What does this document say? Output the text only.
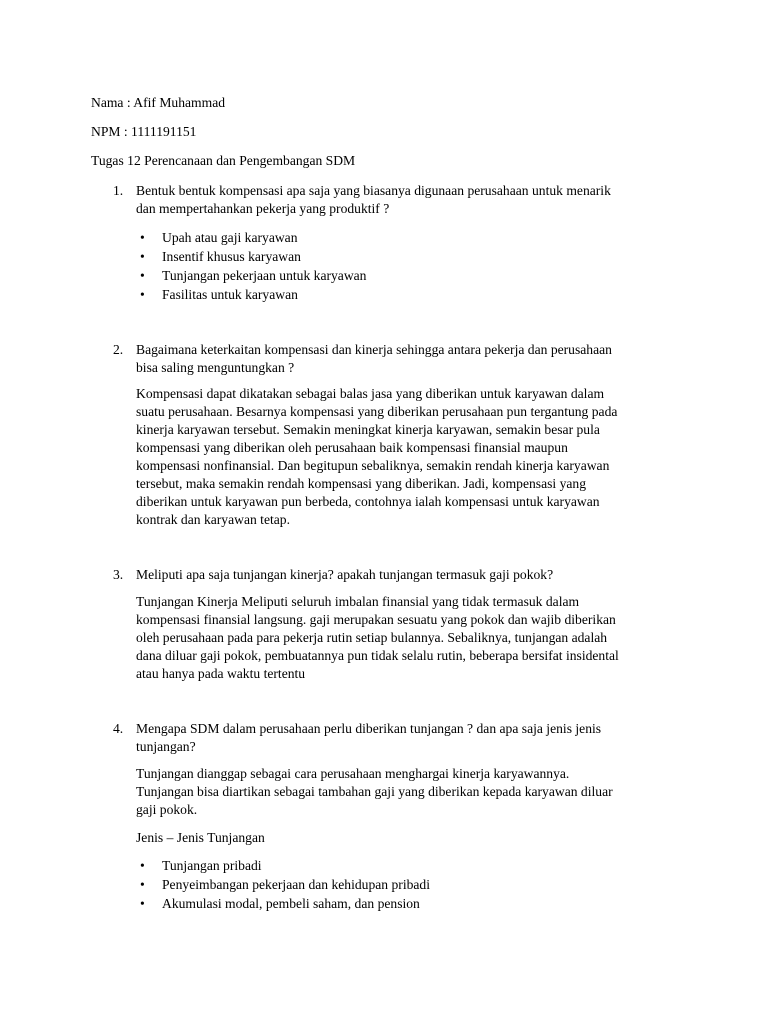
Nama : Afif Muhammad
NPM : 1111191151
Tugas 12 Perencanaan dan Pengembangan SDM
1. Bentuk bentuk kompensasi apa saja yang biasanya digunaan perusahaan untuk menarik
dan mempertahankan pekerja yang produktif ?
• Upah atau gaji karyawan
• Insentif khusus karyawan
• Tunjangan pekerjaan untuk karyawan
• Fasilitas untuk karyawan
2. Bagaimana keterkaitan kompensasi dan kinerja sehingga antara pekerja dan perusahaan
bisa saling menguntungkan ?
Kompensasi dapat dikatakan sebagai balas jasa yang diberikan untuk karyawan dalam
suatu perusahaan. Besarnya kompensasi yang diberikan perusahaan pun tergantung pada
kinerja karyawan tersebut. Semakin meningkat kinerja karyawan, semakin besar pula
kompensasi yang diberikan oleh perusahaan baik kompensasi finansial maupun
kompensasi nonfinansial. Dan begitupun sebaliknya, semakin rendah kinerja karyawan
tersebut, maka semakin rendah kompensasi yang diberikan. Jadi, kompensasi yang
diberikan untuk karyawan pun berbeda, contohnya ialah kompensasi untuk karyawan
kontrak dan karyawan tetap.
3. Meliputi apa saja tunjangan kinerja? apakah tunjangan termasuk gaji pokok?
Tunjangan Kinerja Meliputi seluruh imbalan finansial yang tidak termasuk dalam
kompensasi finansial langsung. gaji merupakan sesuatu yang pokok dan wajib diberikan
oleh perusahaan pada para pekerja rutin setiap bulannya. Sebaliknya, tunjangan adalah
dana diluar gaji pokok, pembuatannya pun tidak selalu rutin, beberapa bersifat insidental
atau hanya pada waktu tertentu
4. Mengapa SDM dalam perusahaan perlu diberikan tunjangan ? dan apa saja jenis jenis
tunjangan?
Tunjangan dianggap sebagai cara perusahaan menghargai kinerja karyawannya.
Tunjangan bisa diartikan sebagai tambahan gaji yang diberikan kepada karyawan diluar
gaji pokok.
Jenis – Jenis Tunjangan
• Tunjangan pribadi
• Penyeimbangan pekerjaan dan kehidupan pribadi
• Akumulasi modal, pembeli saham, dan pension
